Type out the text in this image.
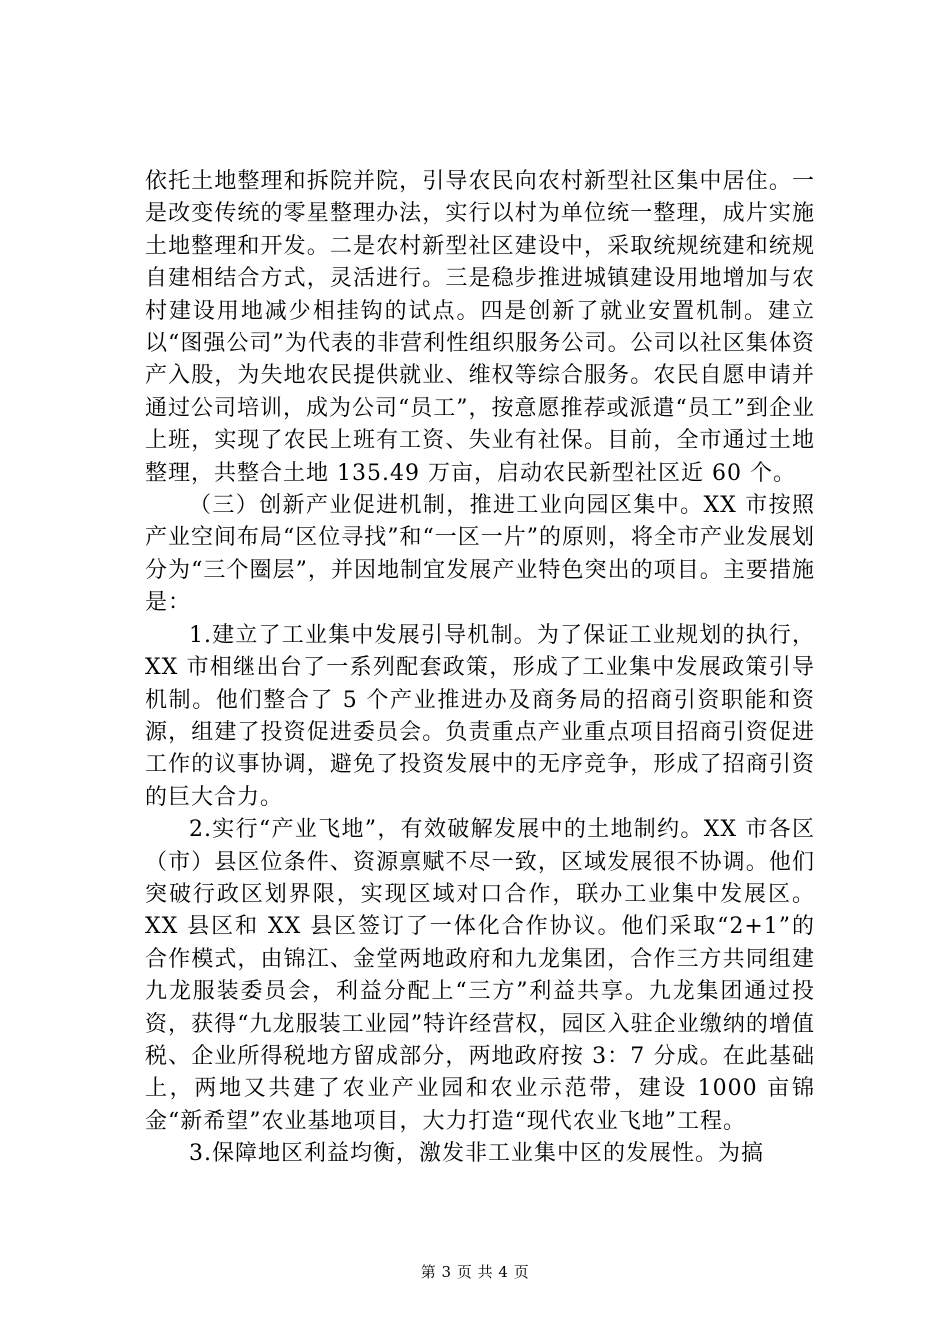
依托土地整理和拆院并院，引导农民向农村新型社区集中居住。一是改变传统的零星整理办法，实行以村为单位统一整理，成片实施土地整理和开发。二是农村新型社区建设中，采取统规统建和统规自建相结合方式，灵活进行。三是稳步推进城镇建设用地增加与农村建设用地减少相挂钩的试点。四是创新了就业安置机制。建立以“图强公司”为代表的非营利性组织服务公司。公司以社区集体资产入股，为失地农民提供就业、维权等综合服务。农民自愿申请并通过公司培训，成为公司“员工”，按意愿推荐或派遣“员工”到企业上班，实现了农民上班有工资、失业有社保。目前，全市通过土地整理，共整合土地 135.49 万亩，启动农民新型社区近 60 个。

（三）创新产业促进机制，推进工业向园区集中。XX 市按照产业空间布局“区位寻找”和“一区一片”的原则，将全市产业发展划分为“三个圈层”，并因地制宜发展产业特色突出的项目。主要措施是：

1.建立了工业集中发展引导机制。为了保证工业规划的执行，XX 市相继出台了一系列配套政策，形成了工业集中发展政策引导机制。他们整合了 5 个产业推进办及商务局的招商引资职能和资源，组建了投资促进委员会。负责重点产业重点项目招商引资促进工作的议事协调，避免了投资发展中的无序竞争，形成了招商引资的巨大合力。

2.实行“产业飞地”，有效破解发展中的土地制约。XX 市各区（市）县区位条件、资源禀赋不尽一致，区域发展很不协调。他们突破行政区划界限，实现区域对口合作，联办工业集中发展区。XX 县区和 XX 县区签订了一体化合作协议。他们采取“2+1”的合作模式，由锦江、金堂两地政府和九龙集团，合作三方共同组建九龙服装委员会，利益分配上“三方”利益共享。九龙集团通过投资，获得“九龙服装工业园”特许经营权，园区入驻企业缴纳的增值税、企业所得税地方留成部分，两地政府按 3：7 分成。在此基础上，两地又共建了农业产业园和农业示范带，建设 1000 亩锦金“新希望”农业基地项目，大力打造“现代农业飞地”工程。

3.保障地区利益均衡，激发非工业集中区的发展性。为搞

第 3 页 共 4 页
